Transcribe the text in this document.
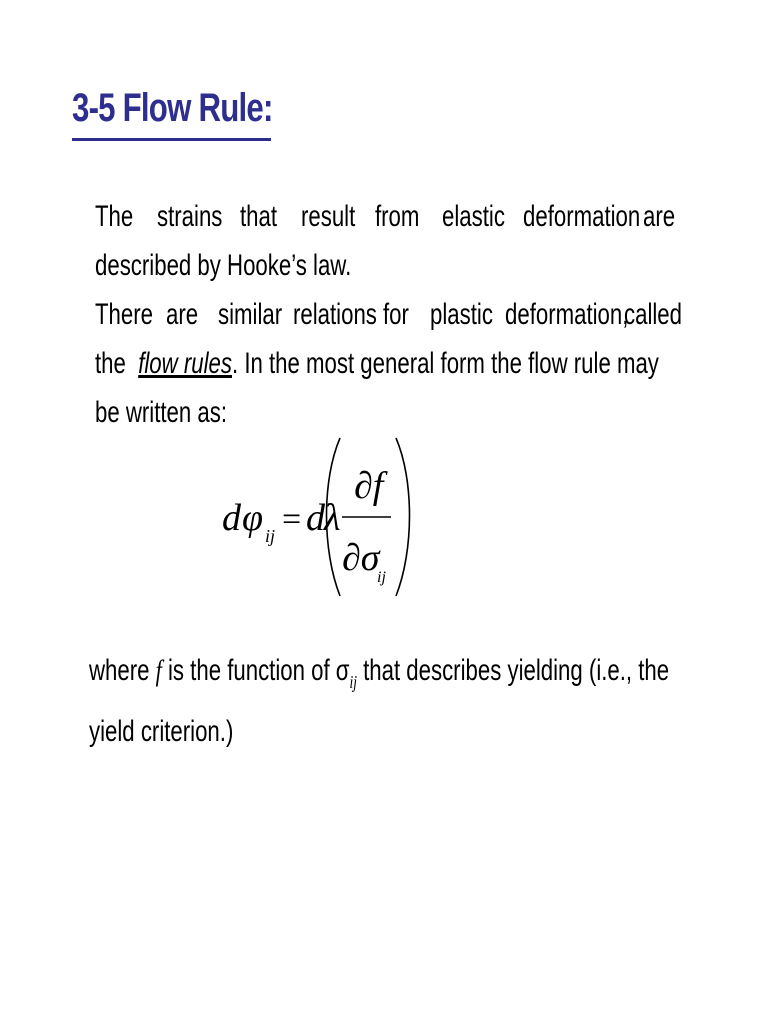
3-5 Flow Rule:
The strains that result from elastic deformation are
described by Hooke’s law.
There are similar relations for plastic deformation,
called
the flow rules. In the most general form the flow rule may
be written as:
d φ ij = d λ
∂f
∂σ
ij
where f is the function of $\sigma_{ij}$ that describes yielding (i.e., the
yield criterion.)
